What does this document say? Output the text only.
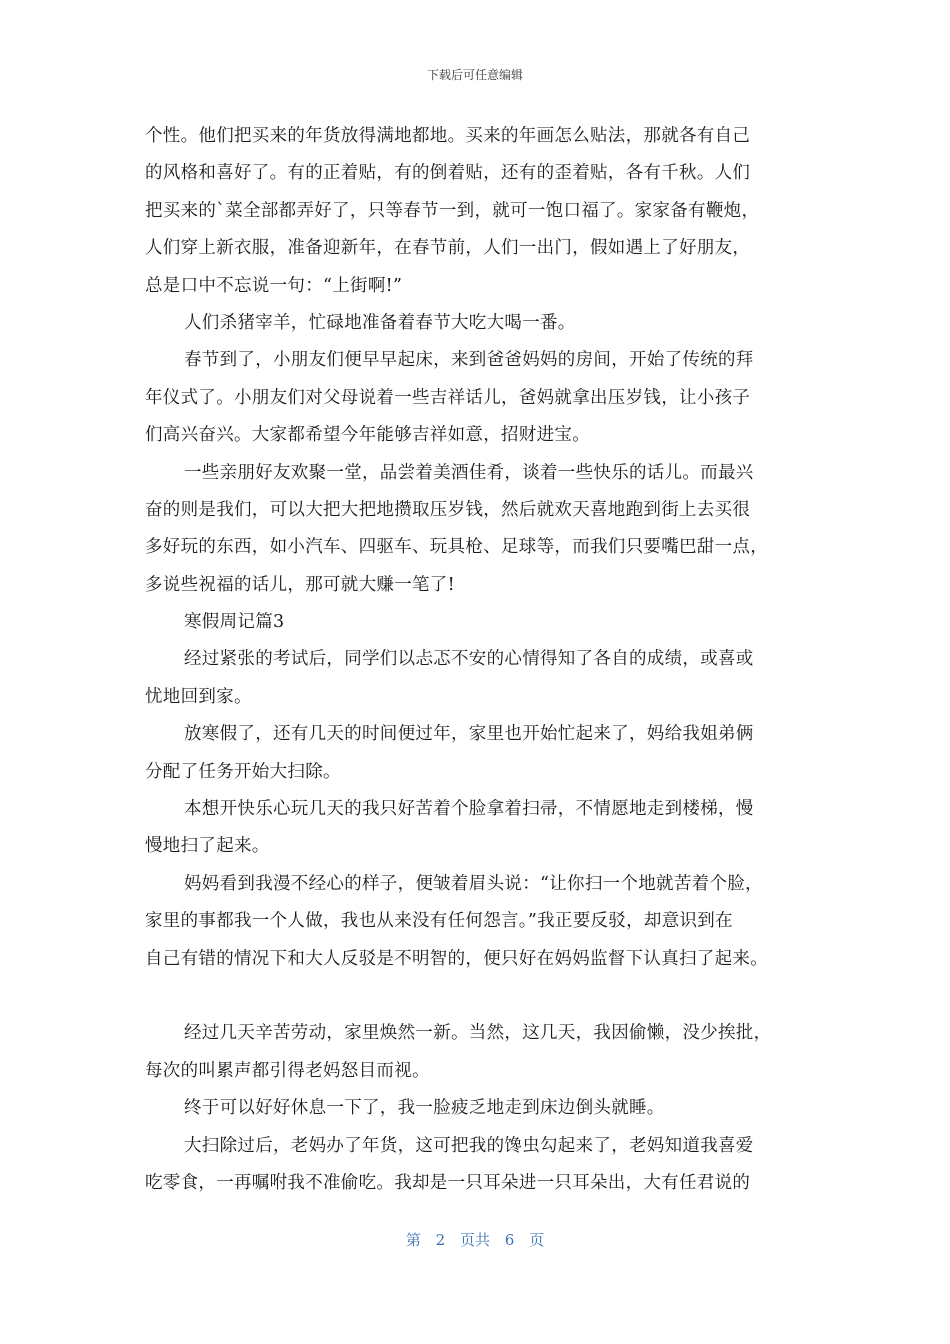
下载后可任意编辑
个性。他们把买来的年货放得满地都地。买来的年画怎么贴法，那就各有自己
的风格和喜好了。有的正着贴，有的倒着贴，还有的歪着贴，各有千秋。人们
把买来的`菜全部都弄好了，只等春节一到，就可一饱口福了。家家备有鞭炮，
人们穿上新衣服，准备迎新年，在春节前，人们一出门，假如遇上了好朋友，
总是口中不忘说一句：“上街啊!”
人们杀猪宰羊，忙碌地准备着春节大吃大喝一番。
春节到了，小朋友们便早早起床，来到爸爸妈妈的房间，开始了传统的拜
年仪式了。小朋友们对父母说着一些吉祥话儿，爸妈就拿出压岁钱，让小孩子
们高兴奋兴。大家都希望今年能够吉祥如意，招财进宝。
一些亲朋好友欢聚一堂，品尝着美酒佳肴，谈着一些快乐的话儿。而最兴
奋的则是我们，可以大把大把地攒取压岁钱，然后就欢天喜地跑到街上去买很
多好玩的东西，如小汽车、四驱车、玩具枪、足球等，而我们只要嘴巴甜一点，
多说些祝福的话儿，那可就大赚一笔了!
寒假周记篇3
经过紧张的考试后，同学们以忐忑不安的心情得知了各自的成绩，或喜或
忧地回到家。
放寒假了，还有几天的时间便过年，家里也开始忙起来了，妈给我姐弟俩
分配了任务开始大扫除。
本想开快乐心玩几天的我只好苦着个脸拿着扫帚，不情愿地走到楼梯，慢
慢地扫了起来。
妈妈看到我漫不经心的样子，便皱着眉头说：“让你扫一个地就苦着个脸，
家里的事都我一个人做，我也从来没有任何怨言。”我正要反驳，却意识到在
自己有错的情况下和大人反驳是不明智的，便只好在妈妈监督下认真扫了起来。
经过几天辛苦劳动，家里焕然一新。当然，这几天，我因偷懒，没少挨批，
每次的叫累声都引得老妈怒目而视。
终于可以好好休息一下了，我一脸疲乏地走到床边倒头就睡。
大扫除过后，老妈办了年货，这可把我的馋虫勾起来了，老妈知道我喜爱
吃零食，一再嘱咐我不准偷吃。我却是一只耳朵进一只耳朵出，大有任君说的
第 2 页共 6 页
